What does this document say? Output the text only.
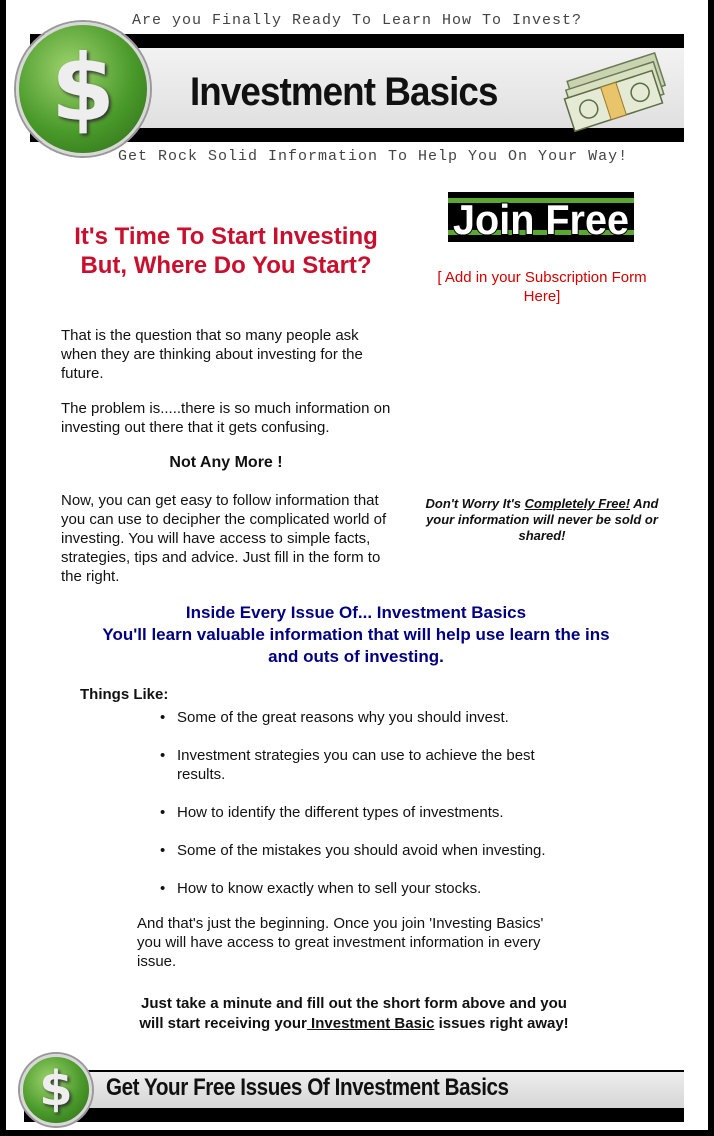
Are you Finally Ready To Learn How To Invest?
Investment Basics
$
Get Rock Solid Information To Help You On Your Way!
It's Time To Start Investing But, Where Do You Start?
That is the question that so many people ask when they are thinking about investing for the future.
The problem is.....there is so much information on investing out there that it gets confusing.
Not Any More !
Now, you can get easy to follow information that you can use to decipher the complicated world of investing. You will have access to simple facts, strategies, tips and advice. Just fill in the form to the right.
Join Free
[ Add in your Subscription Form Here]
Don't Worry It's Completely Free! And your information will never be sold or shared!
Inside Every Issue Of... Investment Basics
You'll learn valuable information that will help use learn the ins and outs of investing.
Things Like:
• Some of the great reasons why you should invest.
• Investment strategies you can use to achieve the best results.
• How to identify the different types of investments.
• Some of the mistakes you should avoid when investing.
• How to know exactly when to sell your stocks.
And that's just the beginning. Once you join 'Investing Basics' you will have access to great investment information in every issue.
Just take a minute and fill out the short form above and you will start receiving your Investment Basic issues right away!
Get Your Free Issues Of Investment Basics
$
